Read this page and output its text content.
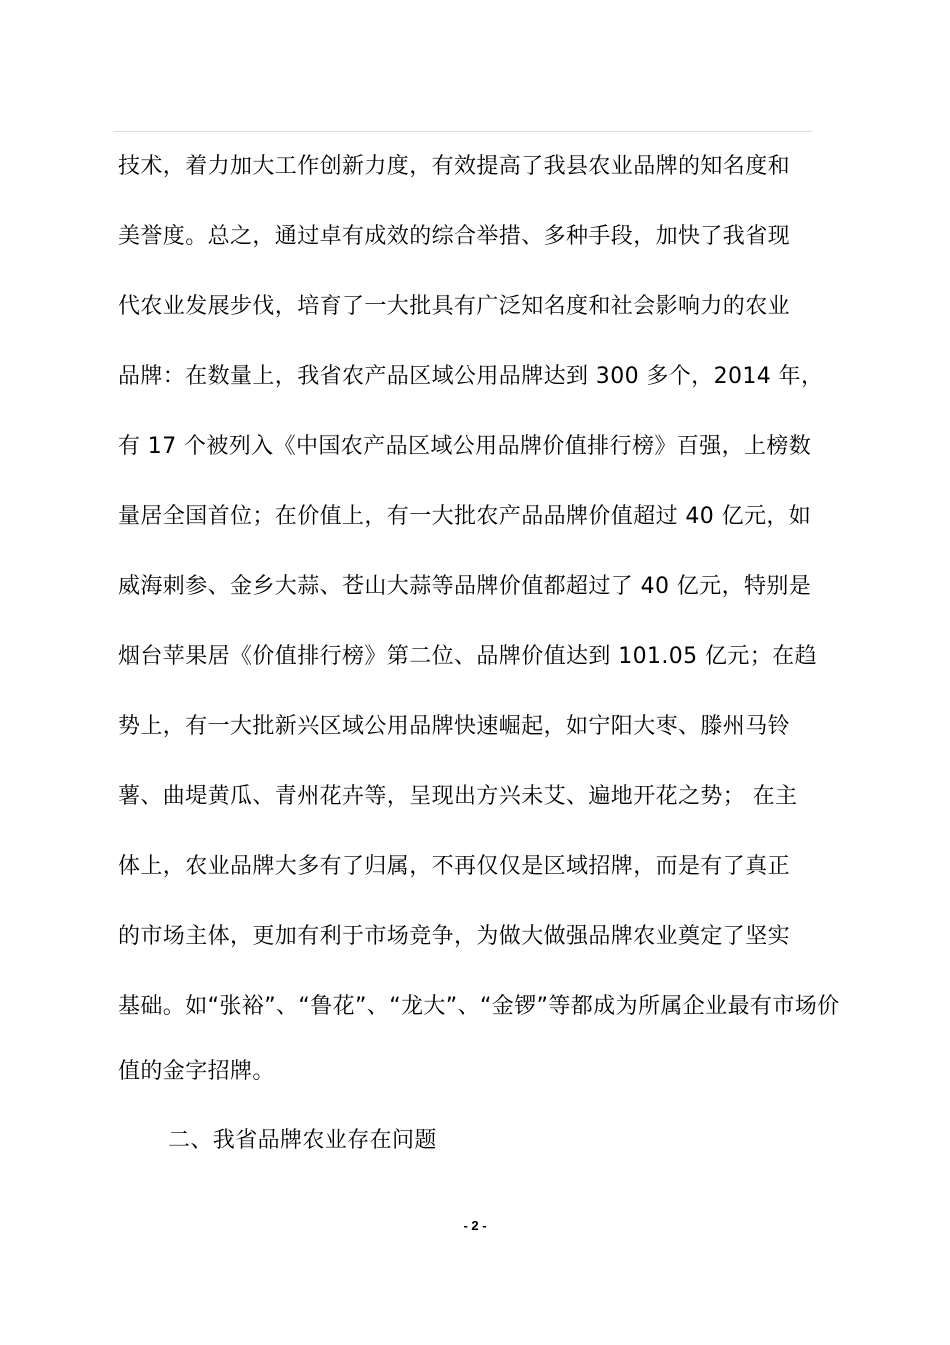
技术，着力加大工作创新力度，有效提高了我县农业品牌的知名度和
美誉度。总之，通过卓有成效的综合举措、多种手段，加快了我省现
代农业发展步伐，培育了一大批具有广泛知名度和社会影响力的农业
品牌：在数量上，我省农产品区域公用品牌达到 300 多个，2014 年，
有 17 个被列入《中国农产品区域公用品牌价值排行榜》百强，上榜数
量居全国首位；在价值上，有一大批农产品品牌价值超过 40 亿元，如
威海刺参、金乡大蒜、苍山大蒜等品牌价值都超过了 40 亿元，特别是
烟台苹果居《价值排行榜》第二位、品牌价值达到 101.05 亿元；在趋
势上，有一大批新兴区域公用品牌快速崛起，如宁阳大枣、滕州马铃
薯、曲堤黄瓜、青州花卉等，呈现出方兴未艾、遍地开花之势； 在主
体上，农业品牌大多有了归属，不再仅仅是区域招牌，而是有了真正
的市场主体，更加有利于市场竞争，为做大做强品牌农业奠定了坚实
基础。如“张裕”、“鲁花”、“龙大”、“金锣”等都成为所属企业最有市场价
值的金字招牌。
二、我省品牌农业存在问题
- 2 -
